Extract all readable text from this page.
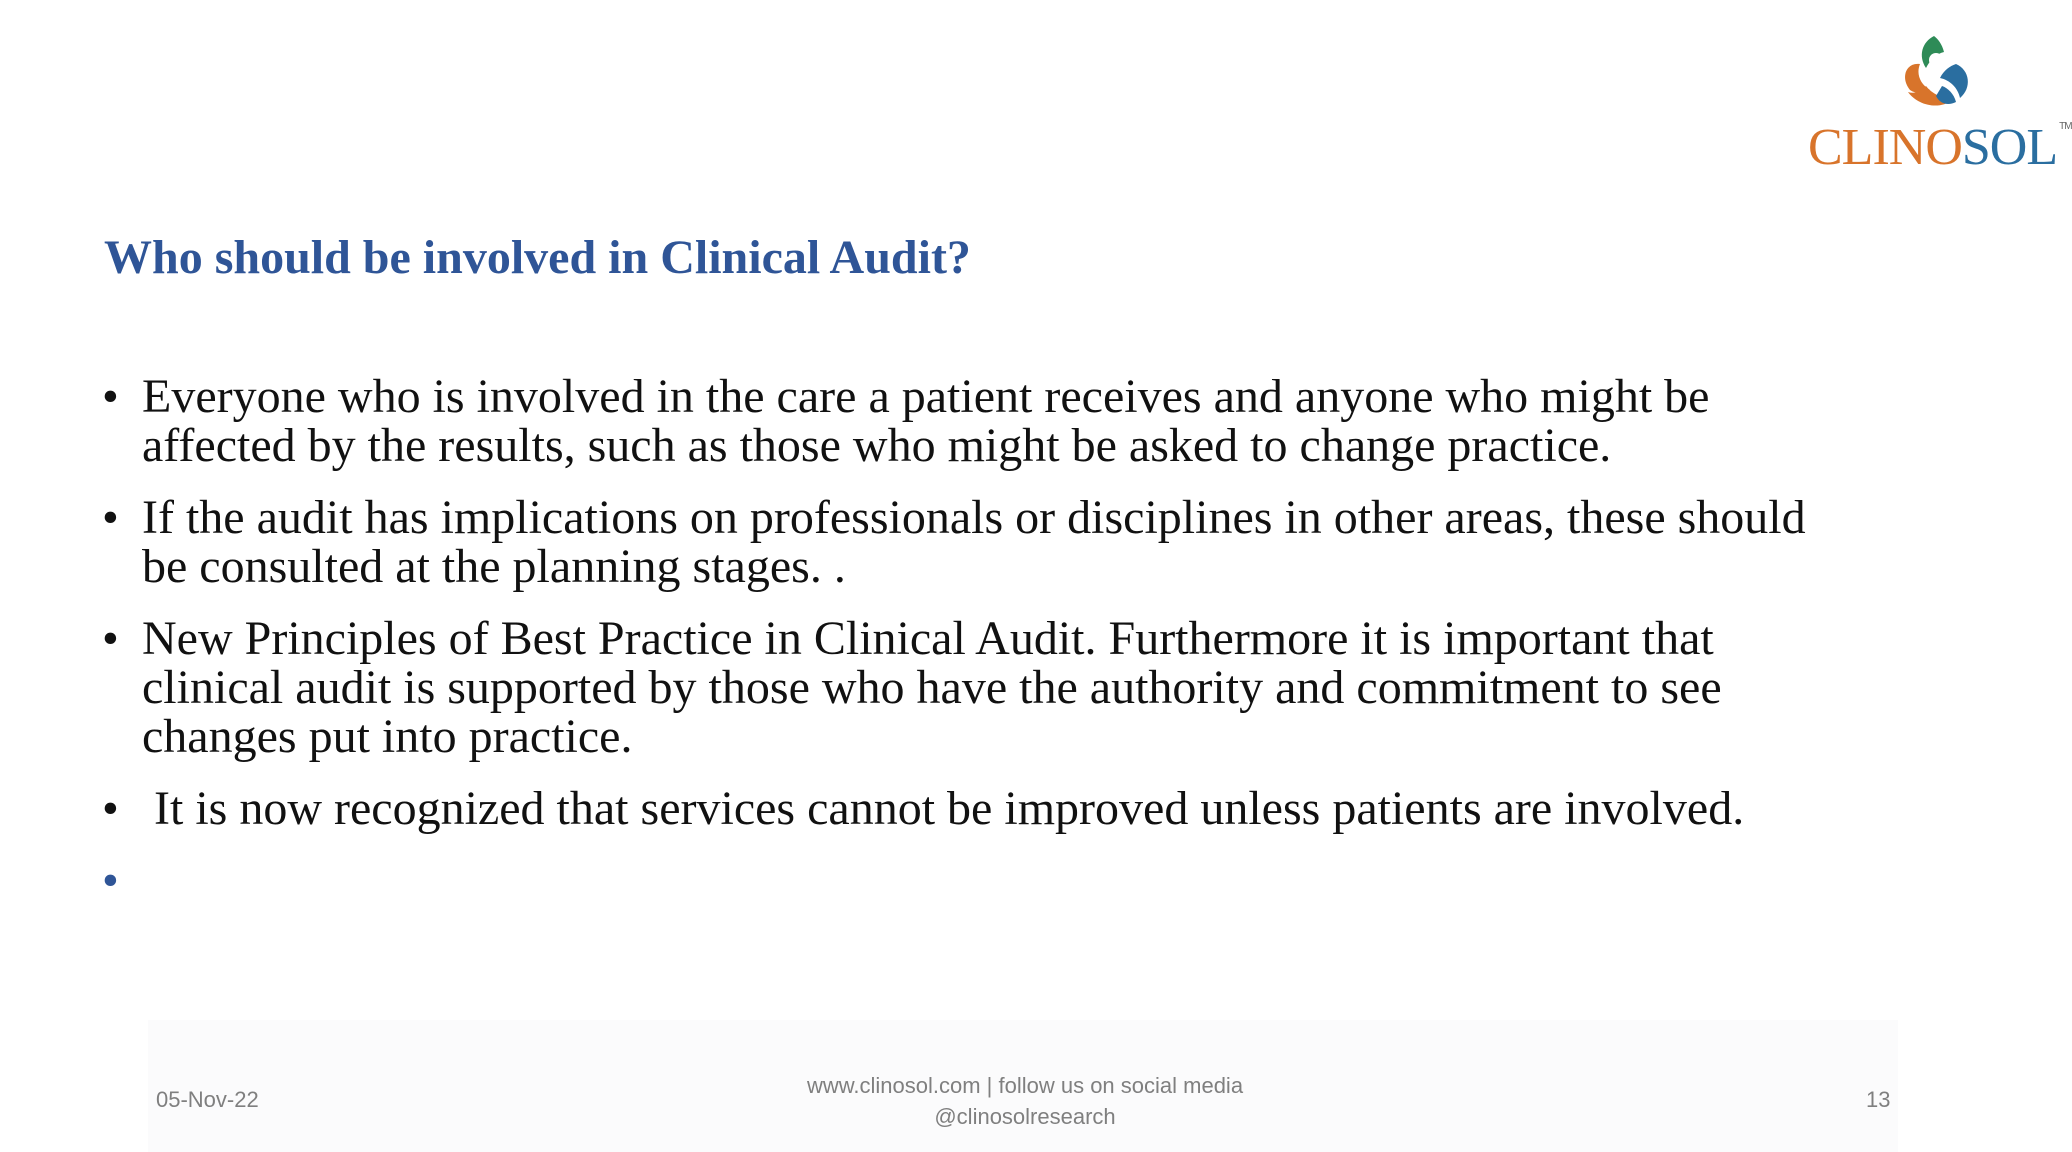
CLINOSOL ™
Who should be involved in Clinical Audit?
• Everyone who is involved in the care a patient receives and anyone who might be affected by the results, such as those who might be asked to change practice.
• If the audit has implications on professionals or disciplines in other areas, these should be consulted at the planning stages. .
• New Principles of Best Practice in Clinical Audit. Furthermore it is important that clinical audit is supported by those who have the authority and commitment to see changes put into practice.
• It is now recognized that services cannot be improved unless patients are involved.
•
05-Nov-22
www.clinosol.com | follow us on social media
@clinosolresearch
13
